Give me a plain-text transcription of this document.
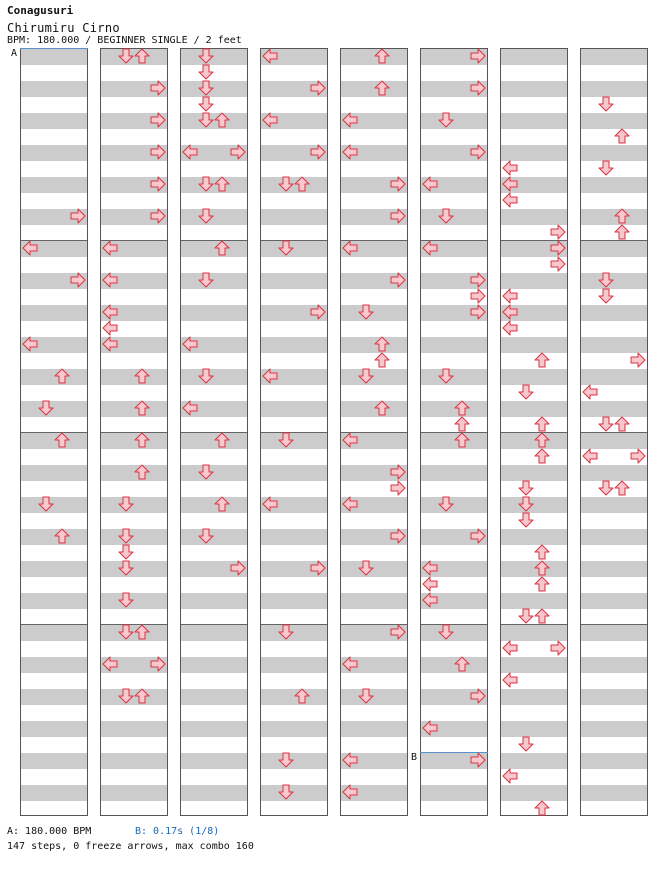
Conagusuri
Chirumiru Cirno
BPM: 180.000 / BEGINNER SINGLE / 2 feet
A
B
A: 180.000 BPM	B: 0.17s (1/8)
147 steps, 0 freeze arrows, max combo 160
